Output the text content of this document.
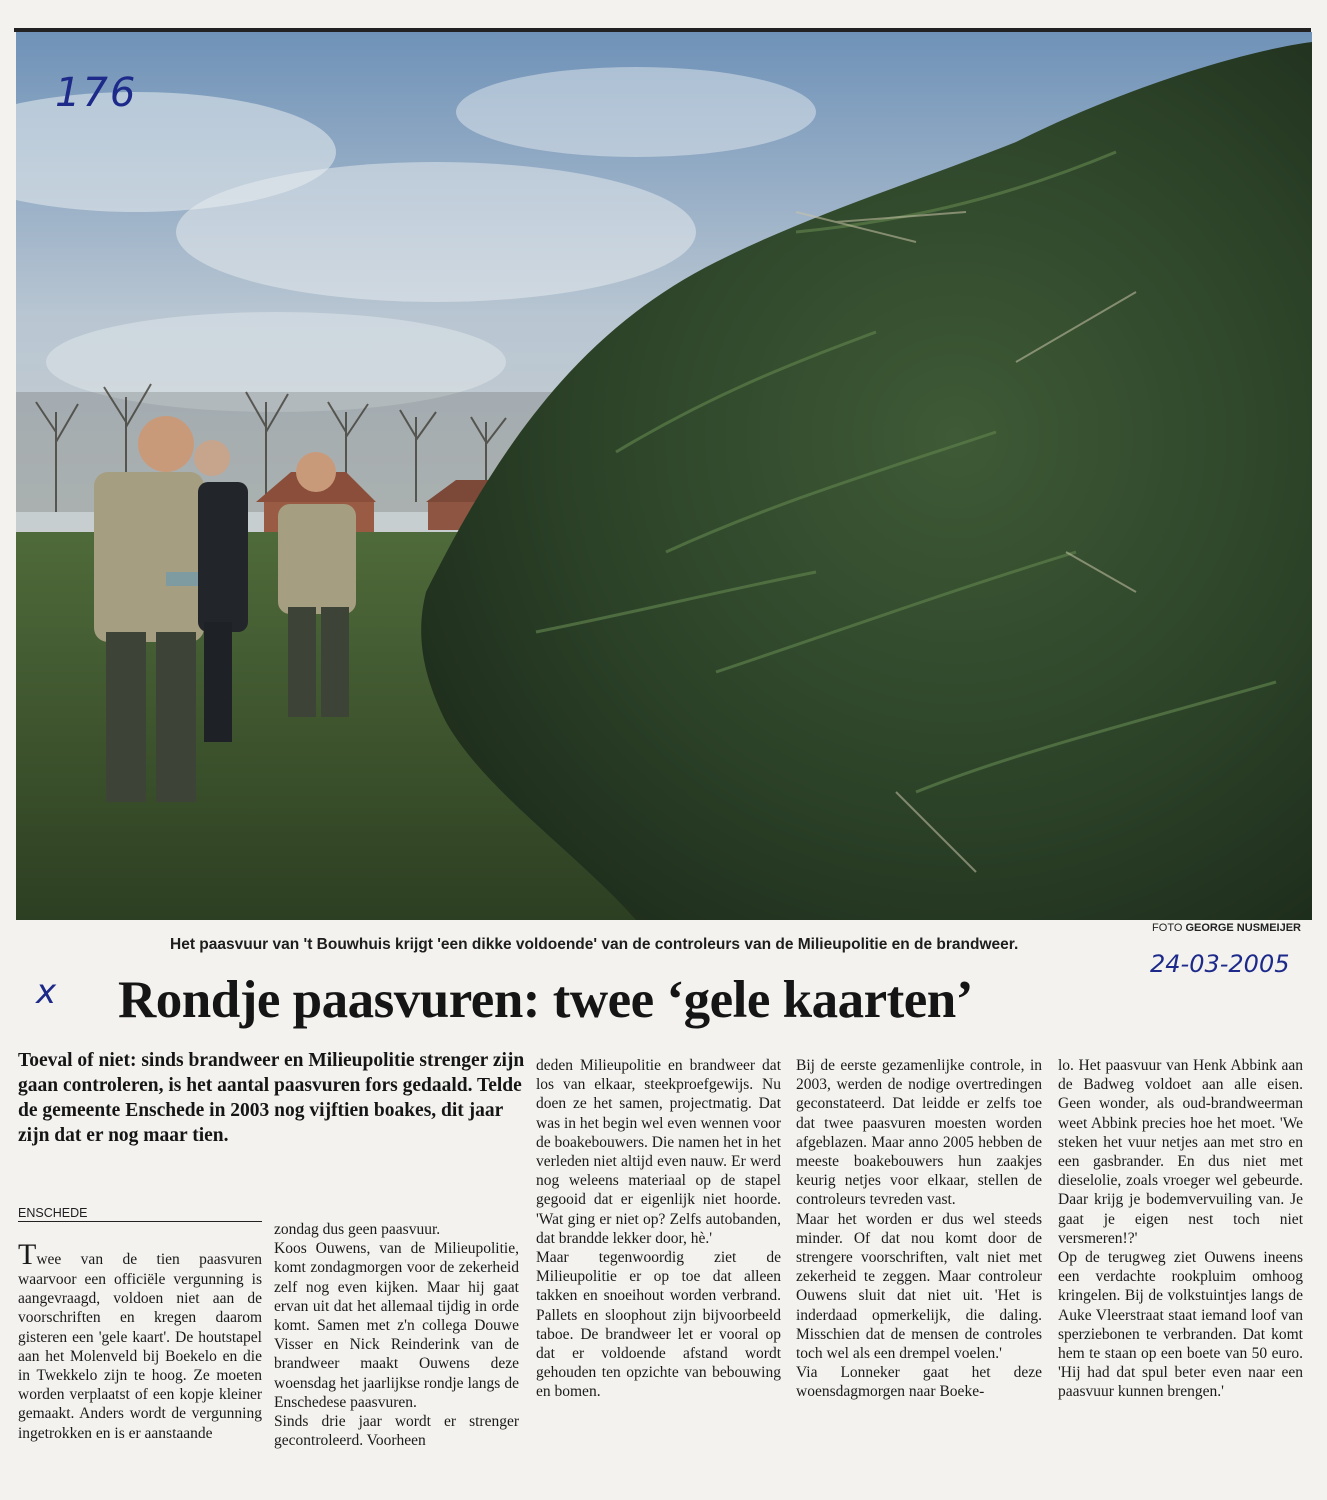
176
FOTO GEORGE NUSMEIJER
Het paasvuur van 't Bouwhuis krijgt 'een dikke voldoende' van de controleurs van de Milieupolitie en de brandweer.
24-03-2005
x Rondje paasvuren: twee ‘gele kaarten’
Toeval of niet: sinds brandweer en Milieupolitie strenger zijn gaan controleren, is het aantal paasvuren fors gedaald. Telde de gemeente Enschede in 2003 nog vijftien boakes, dit jaar zijn dat er nog maar tien.
ENSCHEDE

Twee van de tien paasvuren waarvoor een officiële vergunning is aangevraagd, voldoen niet aan de voorschriften en kregen daarom gisteren een 'gele kaart'. De houtstapel aan het Molenveld bij Boekelo en die in Twekkelo zijn te hoog. Ze moeten worden verplaatst of een kopje kleiner gemaakt. Anders wordt de vergunning ingetrokken en is er aanstaande

zondag dus geen paasvuur.
Koos Ouwens, van de Milieupolitie, komt zondagmorgen voor de zekerheid zelf nog even kijken. Maar hij gaat ervan uit dat het allemaal tijdig in orde komt. Samen met z'n collega Douwe Visser en Nick Reinderink van de brandweer maakt Ouwens deze woensdag het jaarlijkse rondje langs de Enschedese paasvuren.
Sinds drie jaar wordt er strenger gecontroleerd. Voorheen

deden Milieupolitie en brandweer dat los van elkaar, steekproefgewijs. Nu doen ze het samen, projectmatig. Dat was in het begin wel even wennen voor de boakebouwers. Die namen het in het verleden niet altijd even nauw. Er werd nog weleens materiaal op de stapel gegooid dat er eigenlijk niet hoorde. 'Wat ging er niet op? Zelfs autobanden, dat brandde lekker door, hè.'
Maar tegenwoordig ziet de Milieupolitie er op toe dat alleen takken en snoeihout worden verbrand. Pallets en sloophout zijn bijvoorbeeld taboe. De brandweer let er vooral op dat er voldoende afstand wordt gehouden ten opzichte van bebouwing en bomen.

Bij de eerste gezamenlijke controle, in 2003, werden de nodige overtredingen geconstateerd. Dat leidde er zelfs toe dat twee paasvuren moesten worden afgeblazen. Maar anno 2005 hebben de meeste boakebouwers hun zaakjes keurig netjes voor elkaar, stellen de controleurs tevreden vast.
Maar het worden er dus wel steeds minder. Of dat nou komt door de strengere voorschriften, valt niet met zekerheid te zeggen. Maar controleur Ouwens sluit dat niet uit. 'Het is inderdaad opmerkelijk, die daling. Misschien dat de mensen de controles toch wel als een drempel voelen.'
Via Lonneker gaat het deze woensdagmorgen naar Boeke-

lo. Het paasvuur van Henk Abbink aan de Badweg voldoet aan alle eisen. Geen wonder, als oud-brandweerman weet Abbink precies hoe het moet. 'We steken het vuur netjes aan met stro en een gasbrander. En dus niet met dieselolie, zoals vroeger wel gebeurde. Daar krijg je bodemvervuiling van. Je gaat je eigen nest toch niet versmeren!?'
Op de terugweg ziet Ouwens ineens een verdachte rookpluim omhoog kringelen. Bij de volkstuintjes langs de Auke Vleerstraat staat iemand loof van sperziebonen te verbranden. Dat komt hem te staan op een boete van 50 euro. 'Hij had dat spul beter even naar een paasvuur kunnen brengen.'
